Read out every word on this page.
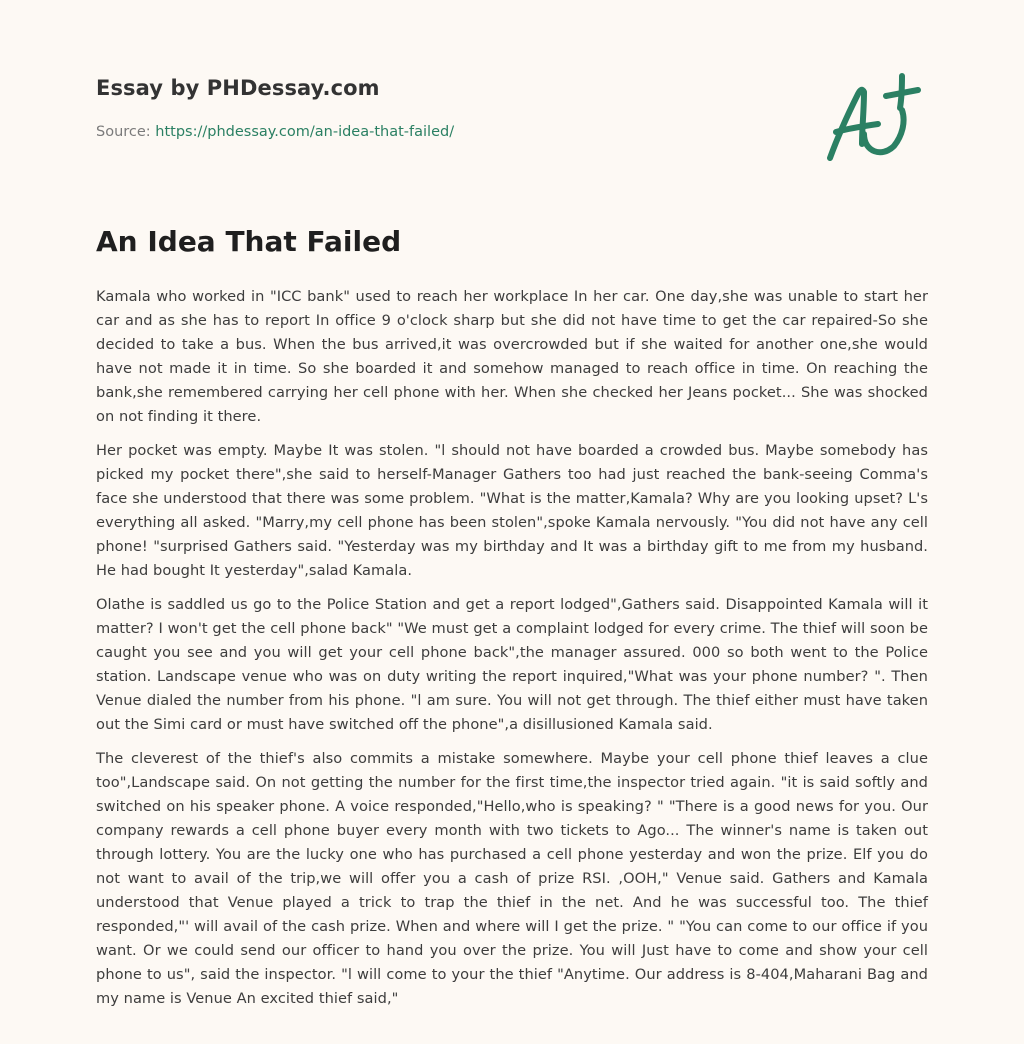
Essay by PHDessay.com
Source: https://phdessay.com/an-idea-that-failed/
An Idea That Failed

Kamala who worked in "ICC bank" used to reach her workplace In her car. One day,she was unable to start her car and as she has to report In office 9 o'clock sharp but she did not have time to get the car repaired-So she decided to take a bus. When the bus arrived,it was overcrowded but if she waited for another one,she would have not made it in time. So she boarded it and somehow managed to reach office in time. On reaching the bank,she remembered carrying her cell phone with her. When she checked her Jeans pocket... She was shocked on not finding it there.

Her pocket was empty. Maybe It was stolen. "l should not have boarded a crowded bus. Maybe somebody has picked my pocket there",she said to herself-Manager Gathers too had just reached the bank-seeing Comma's face she understood that there was some problem. "What is the matter,Kamala? Why are you looking upset? L's everything all asked. "Marry,my cell phone has been stolen",spoke Kamala nervously. "You did not have any cell phone! "surprised Gathers said. "Yesterday was my birthday and It was a birthday gift to me from my husband. He had bought It yesterday",salad Kamala.

Olathe is saddled us go to the Police Station and get a report lodged",Gathers said. Disappointed Kamala will it matter? I won't get the cell phone back" "We must get a complaint lodged for every crime. The thief will soon be caught you see and you will get your cell phone back",the manager assured. 000 so both went to the Police station. Landscape venue who was on duty writing the report inquired,"What was your phone number? ". Then Venue dialed the number from his phone. "l am sure. You will not get through. The thief either must have taken out the Simi card or must have switched off the phone",a disillusioned Kamala said.

The cleverest of the thief's also commits a mistake somewhere. Maybe your cell phone thief leaves a clue too",Landscape said. On not getting the number for the first time,the inspector tried again. "it is said softly and switched on his speaker phone. A voice responded,"Hello,who is speaking? " "There is a good news for you. Our company rewards a cell phone buyer every month with two tickets to Ago... The winner's name is taken out through lottery. You are the lucky one who has purchased a cell phone yesterday and won the prize. Elf you do not want to avail of the trip,we will offer you a cash of prize RSI. ,OOH," Venue said. Gathers and Kamala understood that Venue played a trick to trap the thief in the net. And he was successful too. The thief responded,"' will avail of the cash prize. When and where will I get the prize. " "You can come to our office if you want. Or we could send our officer to hand you over the prize. You will Just have to come and show your cell phone to us", said the inspector. "l will come to your the thief "Anytime. Our address is 8-404,Maharani Bag and my name is Venue An excited thief said,"
